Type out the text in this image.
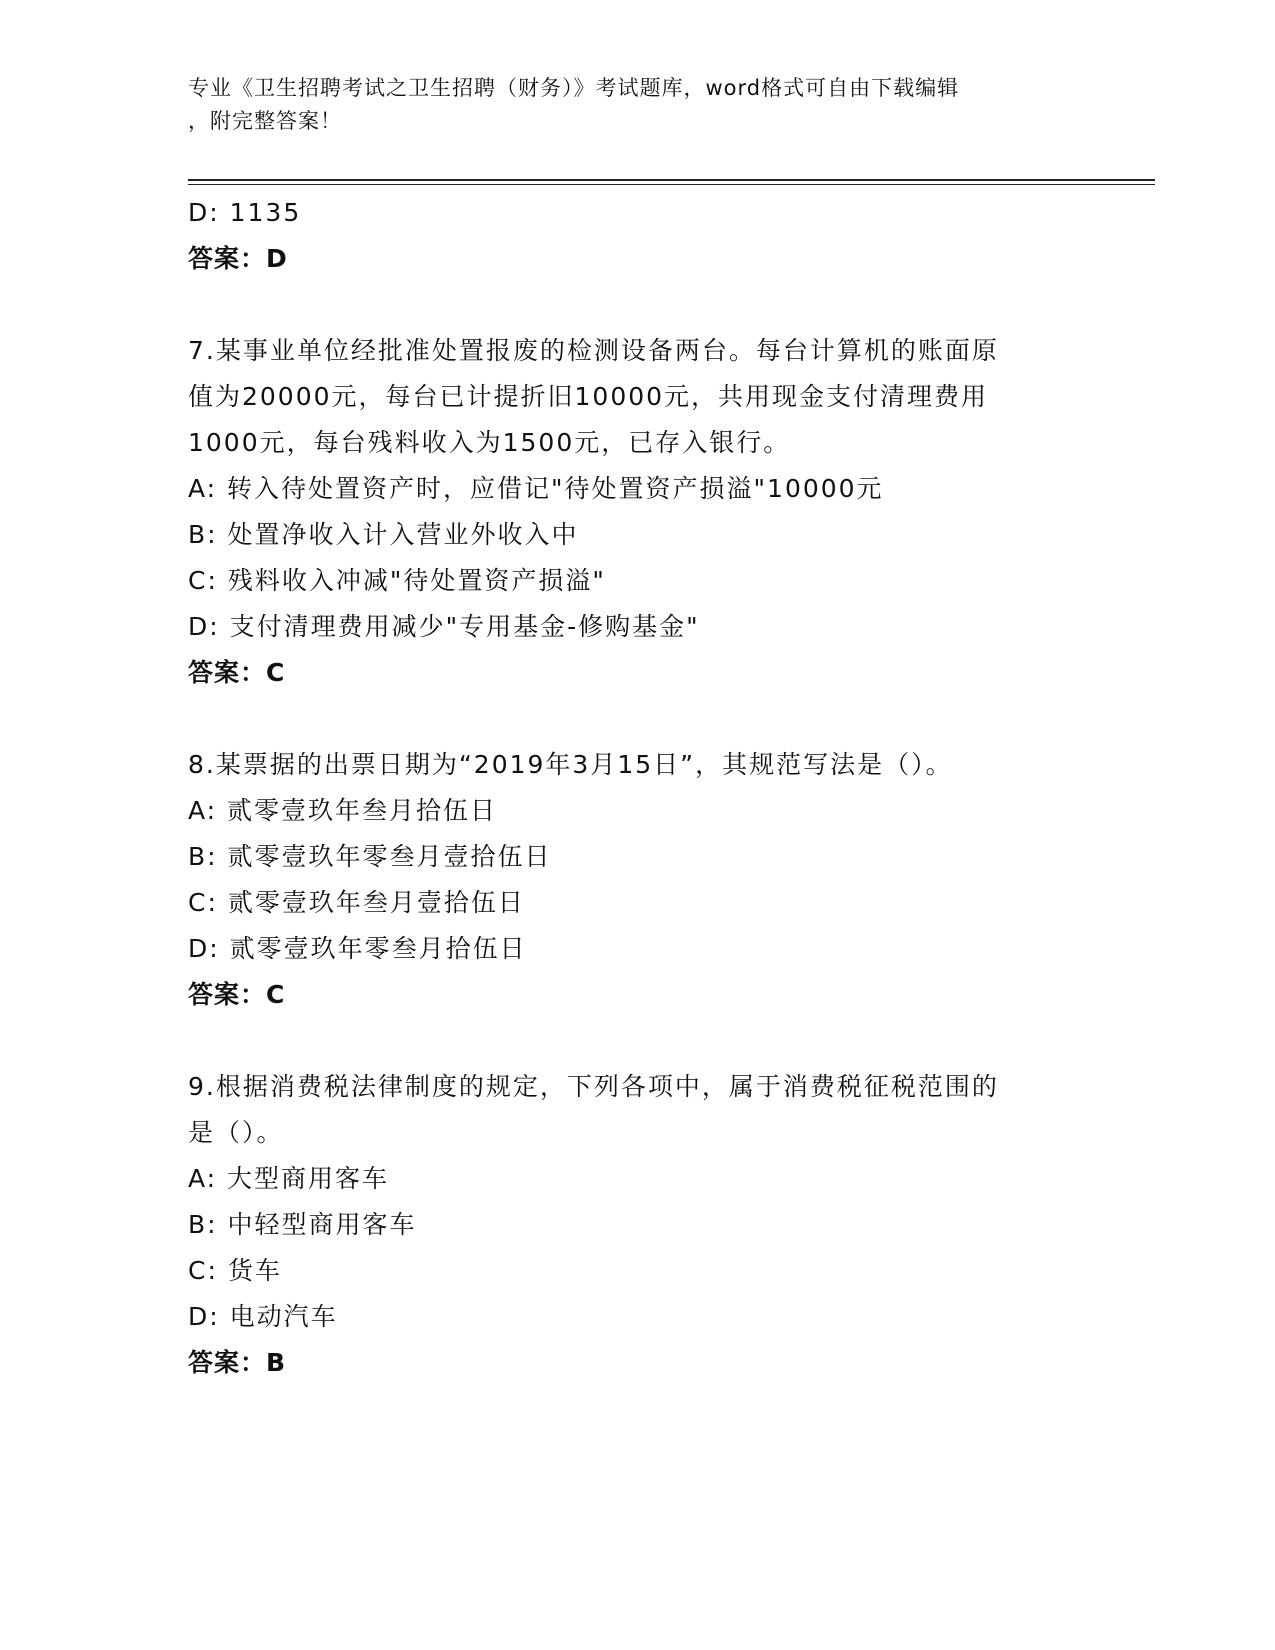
专业《卫生招聘考试之卫生招聘（财务）》考试题库，word格式可自由下载编辑
，附完整答案！
D: 1135
答案：D
7.某事业单位经批准处置报废的检测设备两台。每台计算机的账面原
值为20000元，每台已计提折旧10000元，共用现金支付清理费用
1000元，每台残料收入为1500元，已存入银行。
A: 转入待处置资产时，应借记"待处置资产损溢"10000元
B: 处置净收入计入营业外收入中
C: 残料收入冲减"待处置资产损溢"
D: 支付清理费用减少"专用基金-修购基金"
答案：C
8.某票据的出票日期为“2019年3月15日”，其规范写法是（）。
A: 贰零壹玖年叁月拾伍日
B: 贰零壹玖年零叁月壹拾伍日
C: 贰零壹玖年叁月壹拾伍日
D: 贰零壹玖年零叁月拾伍日
答案：C
9.根据消费税法律制度的规定，下列各项中，属于消费税征税范围的
是（）。
A: 大型商用客车
B: 中轻型商用客车
C: 货车
D: 电动汽车
答案：B
